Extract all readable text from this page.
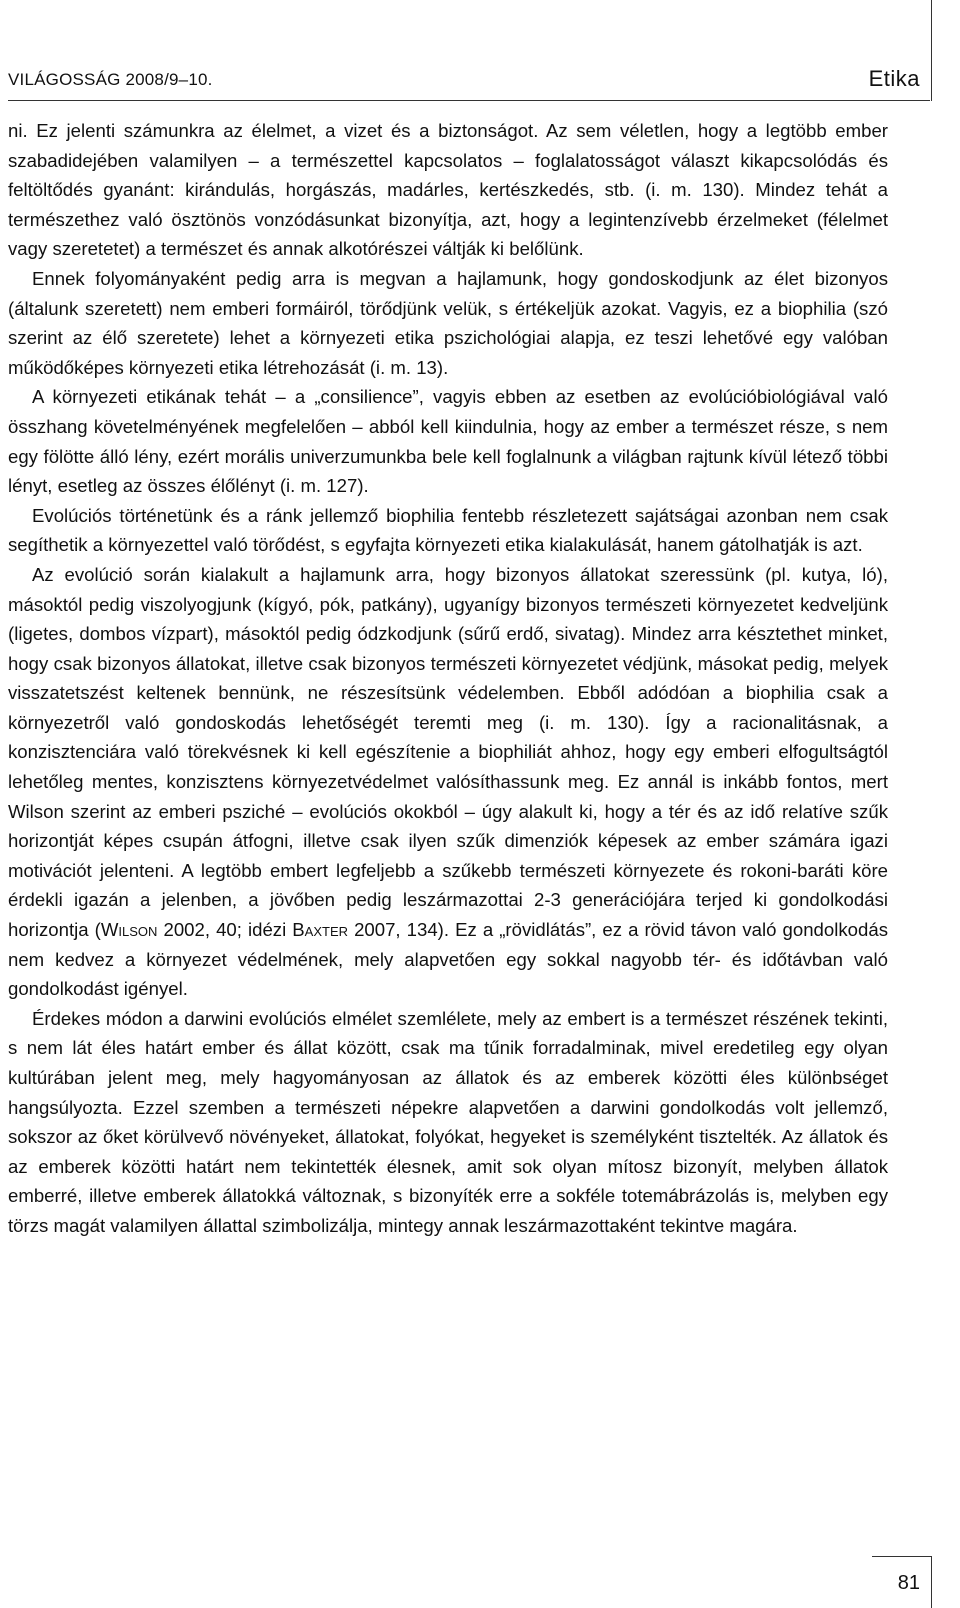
VILÁGOSSÁG 2008/9–10.	Etika

ni. Ez jelenti számunkra az élelmet, a vizet és a biztonságot. Az sem véletlen, hogy a legtöbb ember szabadidejében valamilyen – a természettel kapcsolatos – foglalatosságot választ kikapcsolódás és feltöltődés gyanánt: kirándulás, horgászás, madárles, kertészkedés, stb. (i. m. 130). Mindez tehát a természethez való ösztönös vonzódásunkat bizonyítja, azt, hogy a legintenzívebb érzelmeket (félelmet vagy szeretetet) a természet és annak alkotórészei váltják ki belőlünk.

Ennek folyományaként pedig arra is megvan a hajlamunk, hogy gondoskodjunk az élet bizonyos (általunk szeretett) nem emberi formáiról, törődjünk velük, s értékeljük azokat. Vagyis, ez a biophilia (szó szerint az élő szeretete) lehet a környezeti etika pszichológiai alapja, ez teszi lehetővé egy valóban működőképes környezeti etika létrehozását (i. m. 13).

A környezeti etikának tehát – a „consilience”, vagyis ebben az esetben az evolúcióbiológiával való összhang követelményének megfelelően – abból kell kiindulnia, hogy az ember a természet része, s nem egy fölötte álló lény, ezért morális univerzumunkba bele kell foglalnunk a világban rajtunk kívül létező többi lényt, esetleg az összes élőlényt (i. m. 127).

Evolúciós történetünk és a ránk jellemző biophilia fentebb részletezett sajátságai azonban nem csak segíthetik a környezettel való törődést, s egyfajta környezeti etika kialakulását, hanem gátolhatják is azt.

Az evolúció során kialakult a hajlamunk arra, hogy bizonyos állatokat szeressünk (pl. kutya, ló), másoktól pedig viszolyogjunk (kígyó, pók, patkány), ugyanígy bizonyos természeti környezetet kedveljünk (ligetes, dombos vízpart), másoktól pedig ódzkodjunk (sűrű erdő, sivatag). Mindez arra késztethet minket, hogy csak bizonyos állatokat, illetve csak bizonyos természeti környezetet védjünk, másokat pedig, melyek visszatetszést keltenek bennünk, ne részesítsünk védelemben. Ebből adódóan a biophilia csak a környezetről való gondoskodás lehetőségét teremti meg (i. m. 130). Így a racionalitásnak, a konzisztenciára való törekvésnek ki kell egészítenie a biophiliát ahhoz, hogy egy emberi elfogultságtól lehetőleg mentes, konzisztens környezetvédelmet valósíthassunk meg. Ez annál is inkább fontos, mert Wilson szerint az emberi psziché – evolúciós okokból – úgy alakult ki, hogy a tér és az idő relatíve szűk horizontját képes csupán átfogni, illetve csak ilyen szűk dimenziók képesek az ember számára igazi motivációt jelenteni. A legtöbb embert legfeljebb a szűkebb természeti környezete és rokoni-baráti köre érdekli igazán a jelenben, a jövőben pedig leszármazottai 2-3 generációjára terjed ki gondolkodási horizontja (Wilson 2002, 40; idézi Baxter 2007, 134). Ez a „rövidlátás”, ez a rövid távon való gondolkodás nem kedvez a környezet védelmének, mely alapvetően egy sokkal nagyobb tér- és időtávban való gondolkodást igényel.

Érdekes módon a darwini evolúciós elmélet szemlélete, mely az embert is a természet részének tekinti, s nem lát éles határt ember és állat között, csak ma tűnik forradalminak, mivel eredetileg egy olyan kultúrában jelent meg, mely hagyományosan az állatok és az emberek közötti éles különbséget hangsúlyozta. Ezzel szemben a természeti népekre alapvetően a darwini gondolkodás volt jellemző, sokszor az őket körülvevő növényeket, állatokat, folyókat, hegyeket is személyként tisztelték. Az állatok és az emberek közötti határt nem tekintették élesnek, amit sok olyan mítosz bizonyít, melyben állatok emberré, illetve emberek állatokká változnak, s bizonyíték erre a sokféle totemábrázolás is, melyben egy törzs magát valamilyen állattal szimbolizálja, mintegy annak leszármazottaként tekintve magára.

81
